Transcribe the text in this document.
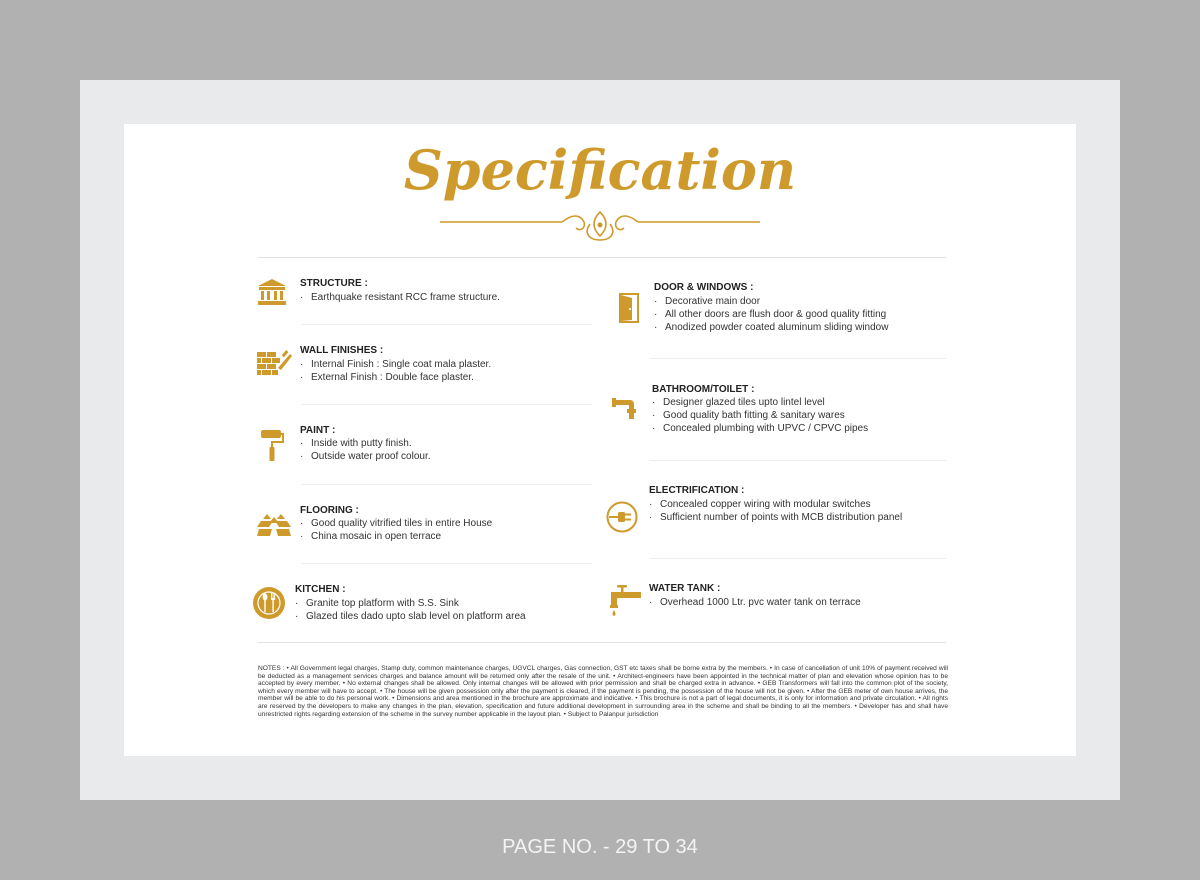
Specification
STRUCTURE :
· Earthquake resistant RCC frame structure.
WALL FINISHES :
· Internal Finish : Single coat mala plaster.
· External Finish : Double face plaster.
PAINT :
· Inside with putty finish.
· Outside water proof colour.
FLOORING :
· Good quality vitrified tiles in entire House
· China mosaic in open terrace
KITCHEN :
· Granite top platform with S.S. Sink
· Glazed tiles dado upto slab level on platform area
DOOR & WINDOWS :
· Decorative main door
· All other doors are flush door & good quality fitting
· Anodized powder coated aluminum sliding window
BATHROOM/TOILET :
· Designer glazed tiles upto lintel level
· Good quality bath fitting & sanitary wares
· Concealed plumbing with UPVC / CPVC pipes
ELECTRIFICATION :
· Concealed copper wiring with modular switches
· Sufficient number of points with MCB distribution panel
WATER TANK :
· Overhead 1000 Ltr. pvc water tank on terrace
NOTES : • All Government legal charges, Stamp duty, common maintenance charges, UGVCL charges, Gas connection, GST etc taxes shall be borne extra by the members. • In case of cancellation of unit 10% of payment received will be deducted as a management services charges and balance amount will be returned only after the resale of the unit. • Architect-engineers have been appointed in the technical matter of plan and elevation whose opinion has to be accepted by every member. • No external changes shall be allowed. Only internal changes will be allowed with prior permission and shall be charged extra in advance. • GEB Transformers will fall into the common plot of the society, which every member will have to accept. • The house will be given possession only after the payment is cleared, if the payment is pending, the possession of the house will not be given. • After the GEB meter of own house arrives, the member will be able to do his personal work. • Dimensions and area mentioned in the brochure are approximate and indicative. • This brochure is not a part of legal documents, it is only for information and private circulation. • All rights are reserved by the developers to make any changes in the plan, elevation, specification and future additional development in surrounding area in the scheme and shall be binding to all the members. • Developer has and shall have unrestricted rights regarding extension of the scheme in the survey number applicable in the layout plan. • Subject to Palanpur jurisdiction
PAGE NO. - 29 TO 34
